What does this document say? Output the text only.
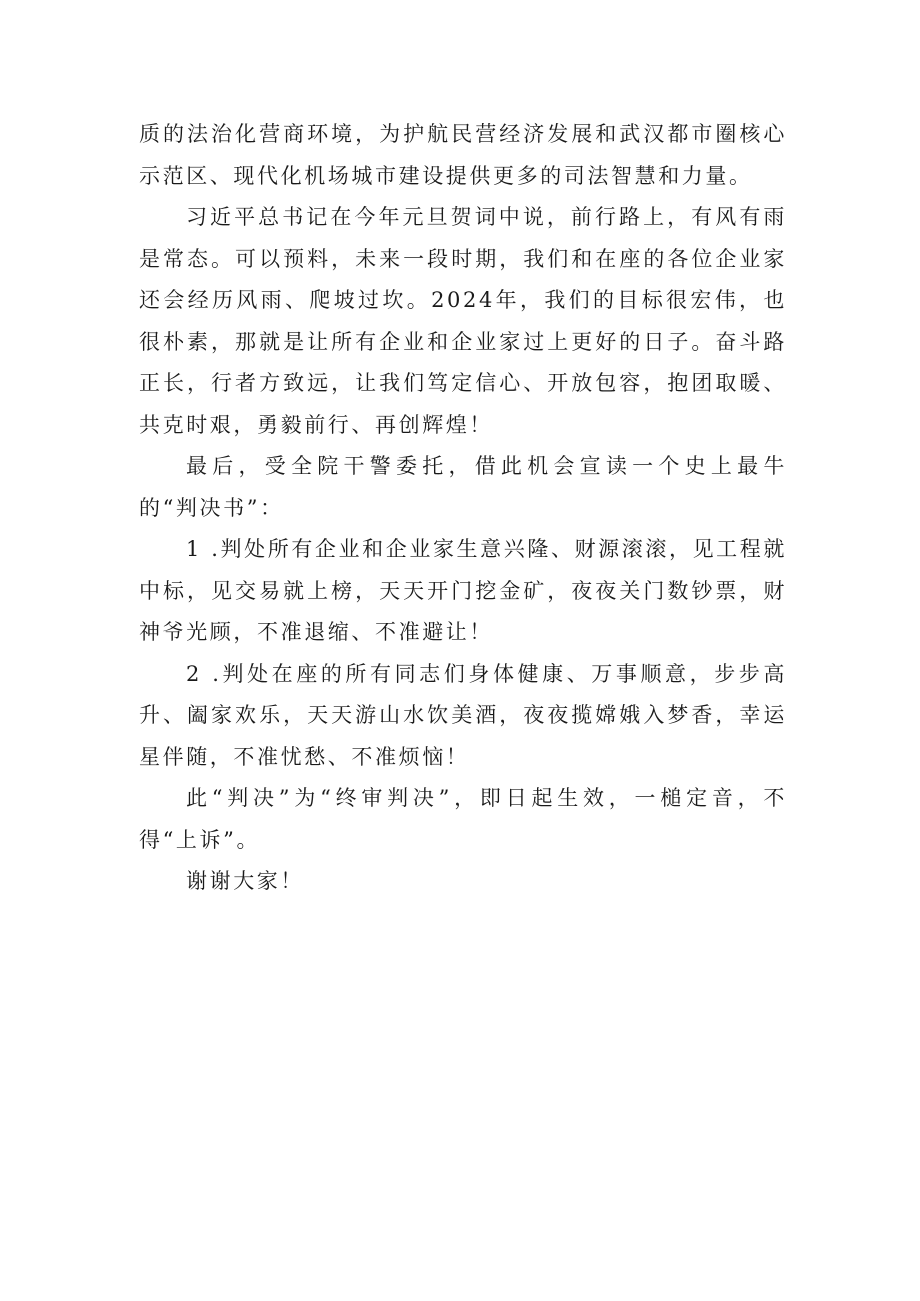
质的法治化营商环境，为护航民营经济发展和武汉都市圈核心示范区、现代化机场城市建设提供更多的司法智慧和力量。

习近平总书记在今年元旦贺词中说，前行路上，有风有雨是常态。可以预料，未来一段时期，我们和在座的各位企业家还会经历风雨、爬坡过坎。2024年，我们的目标很宏伟，也很朴素，那就是让所有企业和企业家过上更好的日子。奋斗路正长，行者方致远，让我们笃定信心、开放包容，抱团取暖、共克时艰，勇毅前行、再创辉煌！

最后，受全院干警委托，借此机会宣读一个史上最牛的“判决书”：

1 .判处所有企业和企业家生意兴隆、财源滚滚，见工程就中标，见交易就上榜，天天开门挖金矿，夜夜关门数钞票，财神爷光顾，不准退缩、不准避让！

2 .判处在座的所有同志们身体健康、万事顺意，步步高升、阖家欢乐，天天游山水饮美酒，夜夜揽嫦娥入梦香，幸运星伴随，不准忧愁、不准烦恼！

此“判决”为“终审判决”，即日起生效，一槌定音，不得“上诉”。

谢谢大家！
